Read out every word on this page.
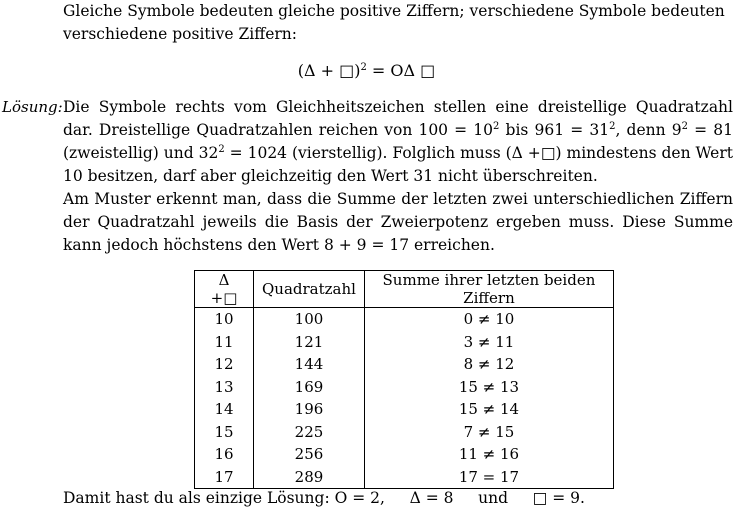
Gleiche Symbole bedeuten gleiche positive Ziffern; verschiedene Symbole bedeuten verschiedene positive Ziffern:
(Δ + □)$^2$ = OΔ □
Lösung: Die Symbole rechts vom Gleichheitszeichen stellen eine dreistellige Quadratzahl dar. Dreistellige Quadratzahlen reichen von $100 = 10^2$ bis $961 = 31^2$, denn $9^2 = 81$ (zweistellig) und $32^2 = 1024$ (vierstellig). Folglich muss (Δ +□) mindestens den Wert 10 besitzen, darf aber gleichzeitig den Wert 31 nicht überschreiten.

Am Muster erkennt man, dass die Summe der letzten zwei unterschiedlichen Ziffern der Quadratzahl jeweils die Basis der Zweierpotenz ergeben muss. Diese Summe kann jedoch höchstens den Wert 8 + 9 = 17 erreichen.

Δ +□	Quadratzahl	Summe ihrer letzten beiden Ziffern
10	100	0 ≠ 10
11	121	3 ≠ 11
12	144	8 ≠ 12
13	169	15 ≠ 13
14	196	15 ≠ 14
15	225	7 ≠ 15
16	256	11 ≠ 16
17	289	17 = 17
Damit hast du als einzige Lösung: O = 2, Δ = 8 und □ = 9.
